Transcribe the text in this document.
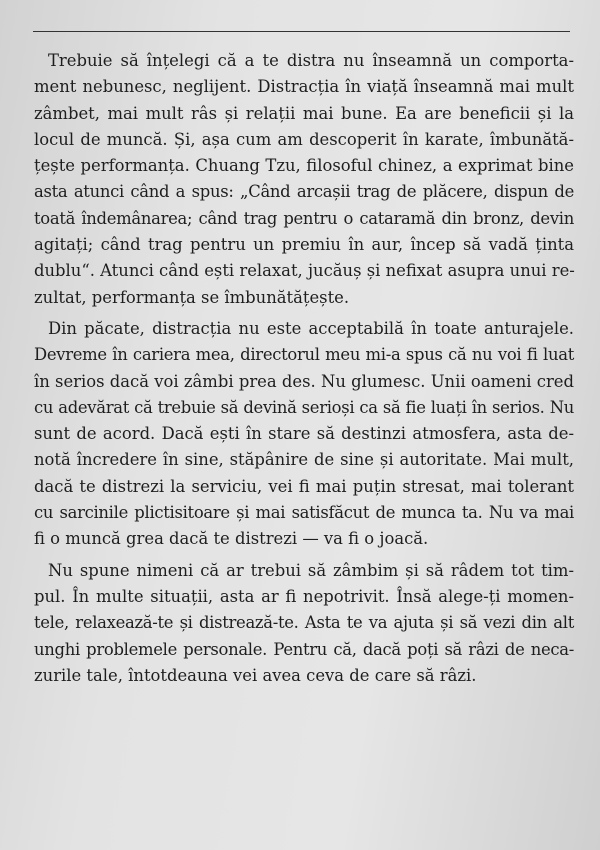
Trebuie să înțelegi că a te distra nu înseamnă un comporta-
ment nebunesc, neglijent. Distracția în viață înseamnă mai mult
zâmbet, mai mult râs și relații mai bune. Ea are beneficii și la
locul de muncă. Și, așa cum am descoperit în karate, îmbunătă-
țește performanța. Chuang Tzu, filosoful chinez, a exprimat bine
asta atunci când a spus: „Când arcașii trag de plăcere, dispun de
toată îndemânarea; când trag pentru o cataramă din bronz, devin
agitați; când trag pentru un premiu în aur, încep să vadă ținta
dublu“. Atunci când ești relaxat, jucăuș și nefixat asupra unui re-
zultat, performanța se îmbunătățește.
Din păcate, distracția nu este acceptabilă în toate anturajele.
Devreme în cariera mea, directorul meu mi-a spus că nu voi fi luat
în serios dacă voi zâmbi prea des. Nu glumesc. Unii oameni cred
cu adevărat că trebuie să devină serioși ca să fie luați în serios. Nu
sunt de acord. Dacă ești în stare să destinzi atmosfera, asta de-
notă încredere în sine, stăpânire de sine și autoritate. Mai mult,
dacă te distrezi la serviciu, vei fi mai puțin stresat, mai tolerant
cu sarcinile plictisitoare și mai satisfăcut de munca ta. Nu va mai
fi o muncă grea dacă te distrezi — va fi o joacă.
Nu spune nimeni că ar trebui să zâmbim și să râdem tot tim-
pul. În multe situații, asta ar fi nepotrivit. Însă alege-ți momen-
tele, relaxează-te și distrează-te. Asta te va ajuta și să vezi din alt
unghi problemele personale. Pentru că, dacă poți să râzi de neca-
zurile tale, întotdeauna vei avea ceva de care să râzi.
